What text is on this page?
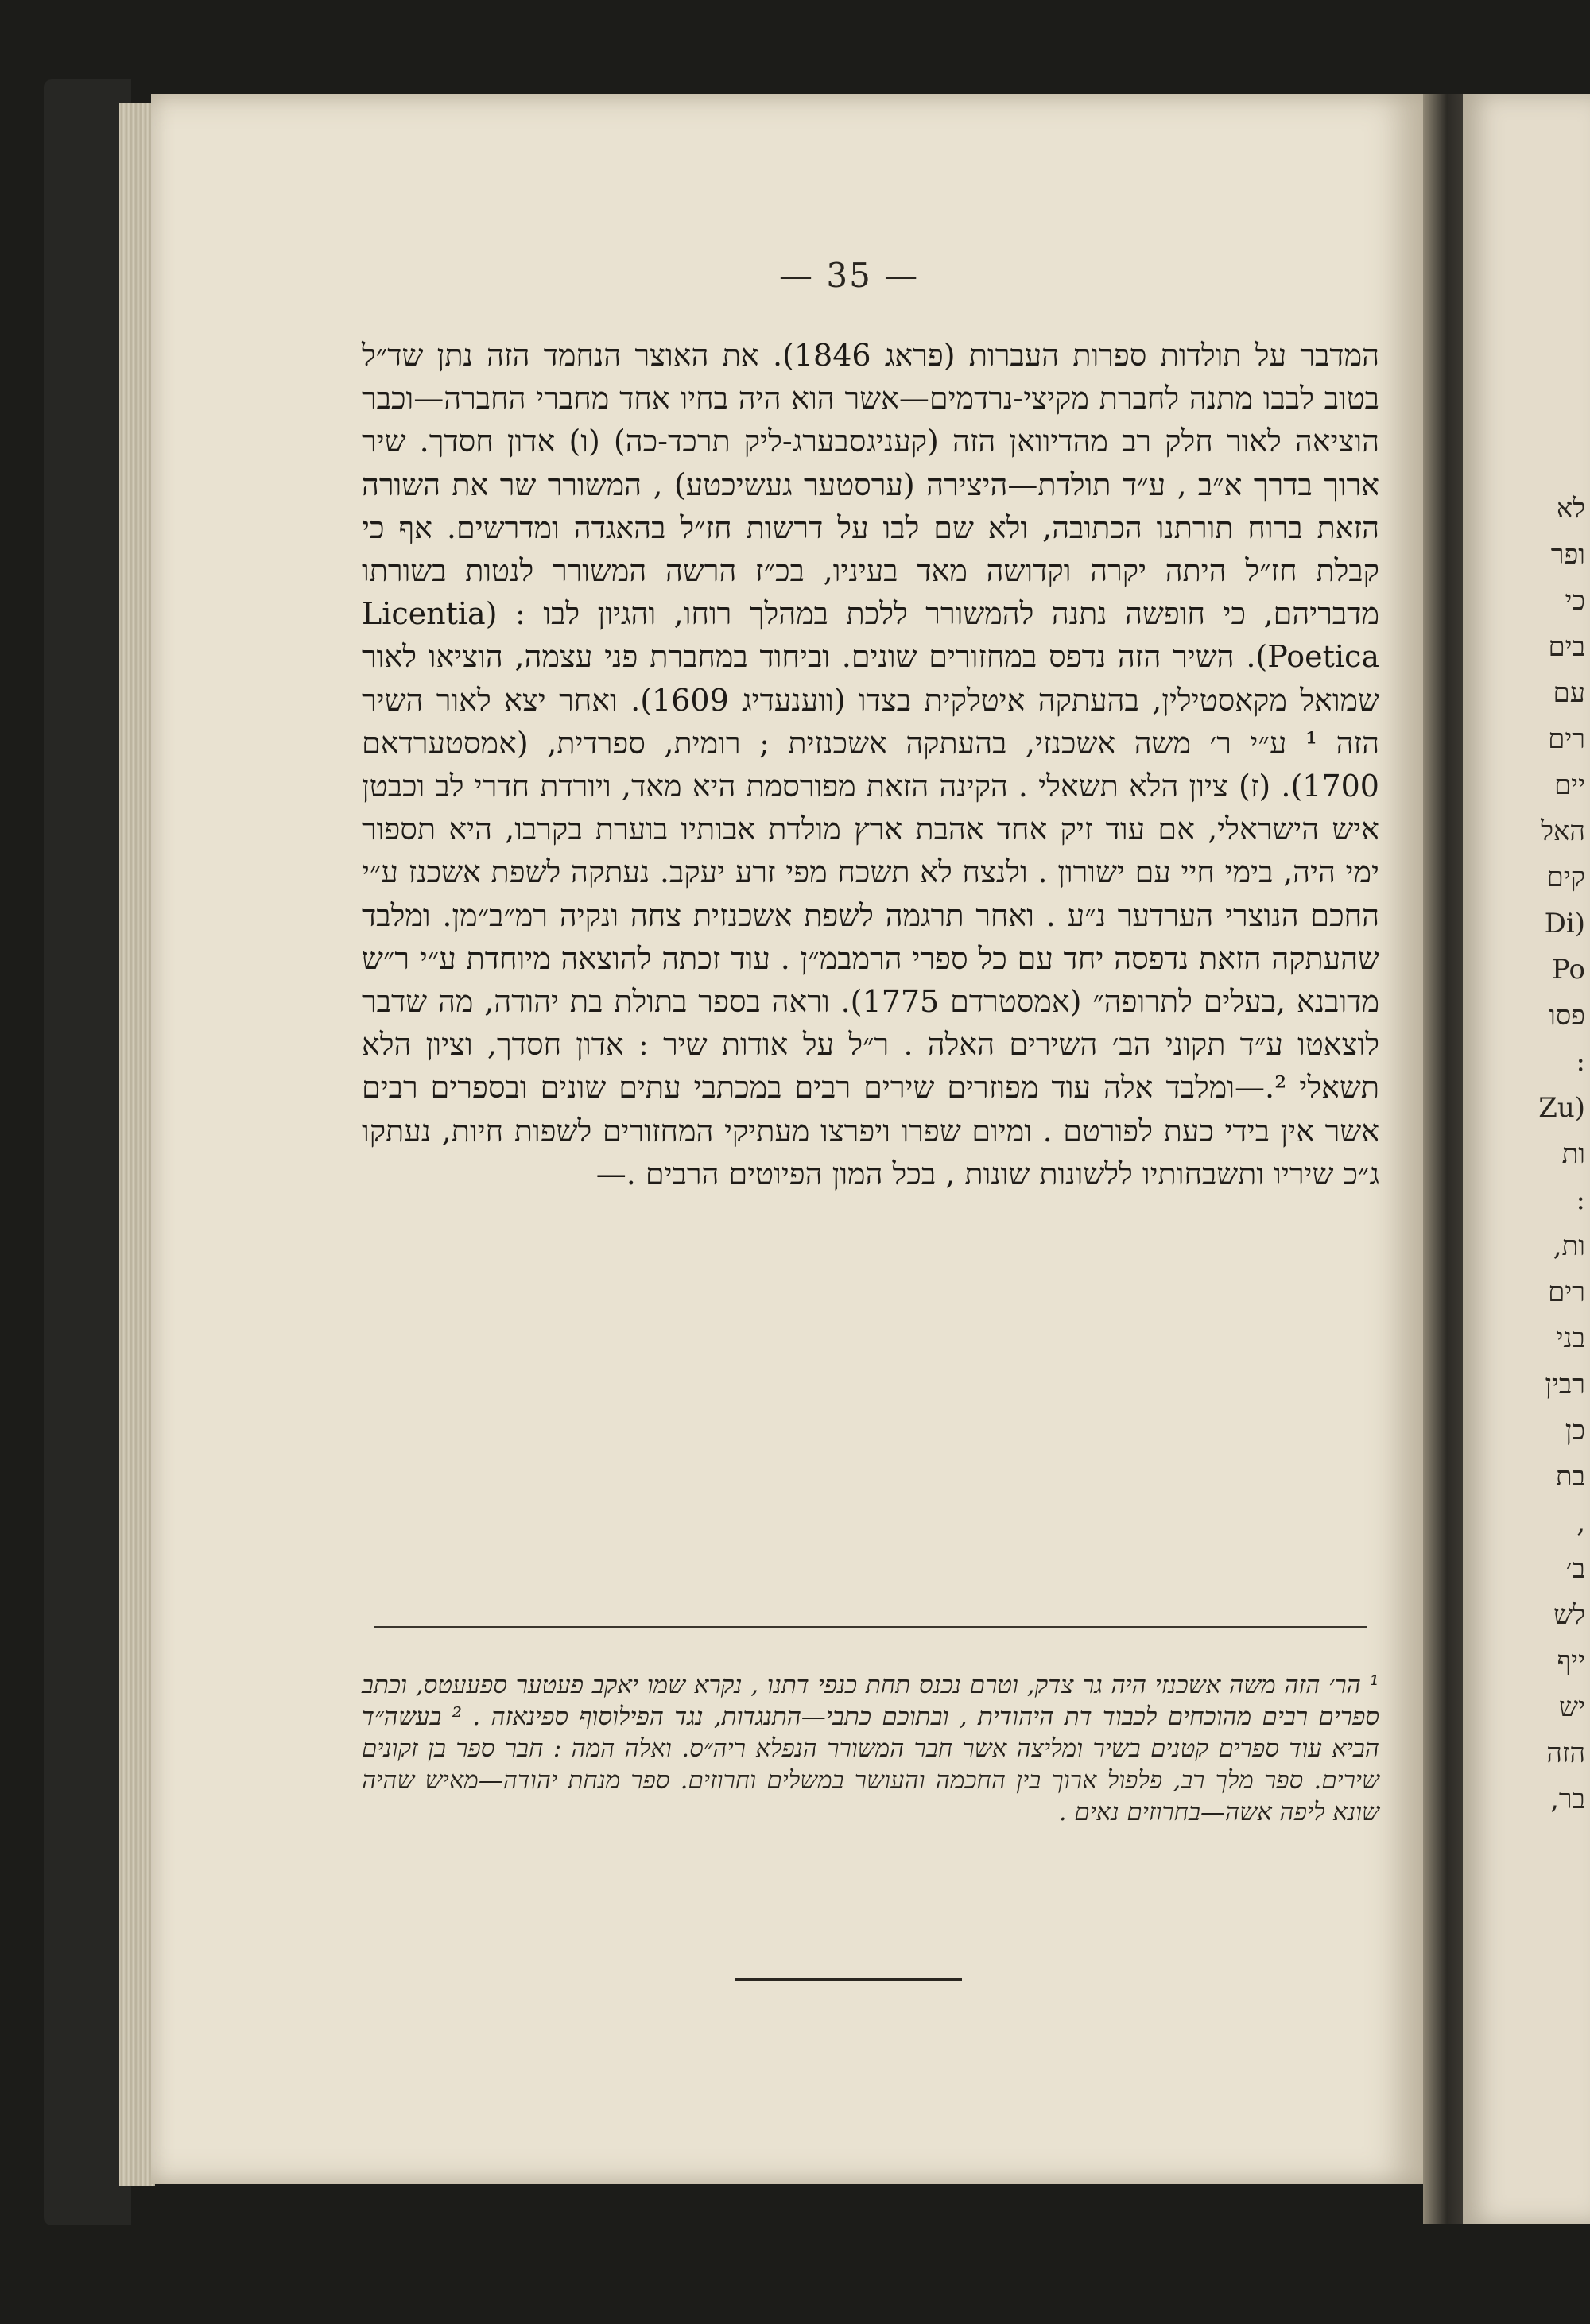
— 35 —

המדבר על תולדות ספרות העברות (פראג 1846). את האוצר הנחמד הזה נתן שד״ל בטוב לבבו מתנה לחברת מקיצי-נרדמים—אשר הוא היה בחיו אחד מחברי החברה—וכבר הוציאה לאור חלק רב מהדיוואן הזה (קעניגסבערג-ליק תרכד-כה) (ו) אדון חסדך. שיר ארוך בדרך א״ב , ע״ד תולדת—היצירה (ערסטער געשיכטע) , המשורר שר את השורה הזאת ברוח תורתנו הכתובה, ולא שם לבו על דרשות חז״ל בהאגדה ומדרשים. אף כי קבלת חז״ל היתה יקרה וקדושה מאד בעיניו, בכ״ז הרשה המשורר לנטות בשורתו מדבריהם, כי חופשה נתנה להמשורר ללכת במהלך רוחו, והגיון לבו : (Licentia Poetica). השיר הזה נדפס במחזורים שונים. וביחוד במחברת פני עצמה, הוציאו לאור שמואל מקאסטילין, בהעתקה איטלקית בצדו (ווענעדיג 1609). ואחר יצא לאור השיר הזה ¹ ע״י ר׳ משה אשכנזי, בהעתקה אשכנזית ; רומית, ספרדית, (אמסטערדאם 1700). (ז) ציון הלא תשאלי . הקינה הזאת מפורסמת היא מאד, ויורדת חדרי לב וכבטן איש הישראלי, אם עוד זיק אחד אהבת ארץ מולדת אבותיו בוערת בקרבו, היא תספור ימי היה, בימי חיי עם ישורון . ולנצח לא תשכח מפי זרע יעקב. נעתקה לשפת אשכנז ע״י החכם הנוצרי הערדער נ״ע . ואחר תרגמה לשפת אשכנזית צחה ונקיה רמ״ב״מן. ומלבד שהעתקה הזאת נדפסה יחד עם כל ספרי הרמבמ״ן . עוד זכתה להוצאה מיוחדת ע״י ר״ש מדובנא ,בעלים לתרופה״ (אמסטרדם 1775). וראה בספר בתולת בת יהודה, מה שדבר לוצאטו ע״ד תקוני הב׳ השירים האלה . ר״ל על אודות שיר : אדון חסדך, וציון הלא תשאלי ².—ומלבד אלה עוד מפוזרים שירים רבים במכתבי עתים שונים ובספרים רבים אשר אין בידי כעת לפורטם . ומיום שפרו ויפרצו מעתיקי המחזורים לשפות חיות, נעתקו ג״כ שיריו ותשבחותיו ללשונות שונות , בכל המון הפיוטים הרבים .—

¹ הר׳ הזה משה אשכנזי היה גר צדק, וטרם נכנס תחת כנפי דתנו , נקרא שמו יאקב פעטער ספעעטס, וכתב ספרים רבים מהוכחים לכבוד דת היהודית , ובתוכם כתבי—התנגדות, נגד הפילוסוף ספינאזה . ² בעשה״ד הביא עוד ספרים קטנים בשיר ומליצה אשר חבר המשורר הנפלא ריה״ס. ואלה המה : חבר ספר בן זקונים שירים. ספר מלך רב, פלפול ארוך בין החכמה והעושר במשלים וחרוזים. ספר מנחת יהודה—מאיש שהיה שונא ליפה אשה—בחרוזים נאים .

לא
ופר
כי
בים
עם
רים
יים
האל
קים
(Di
Po
פסו
:
(Zu
ות
:
ות,
רים
בני
רבין
כן
בת
,
ב׳
לש
ייף
יש
הזה
בר,
